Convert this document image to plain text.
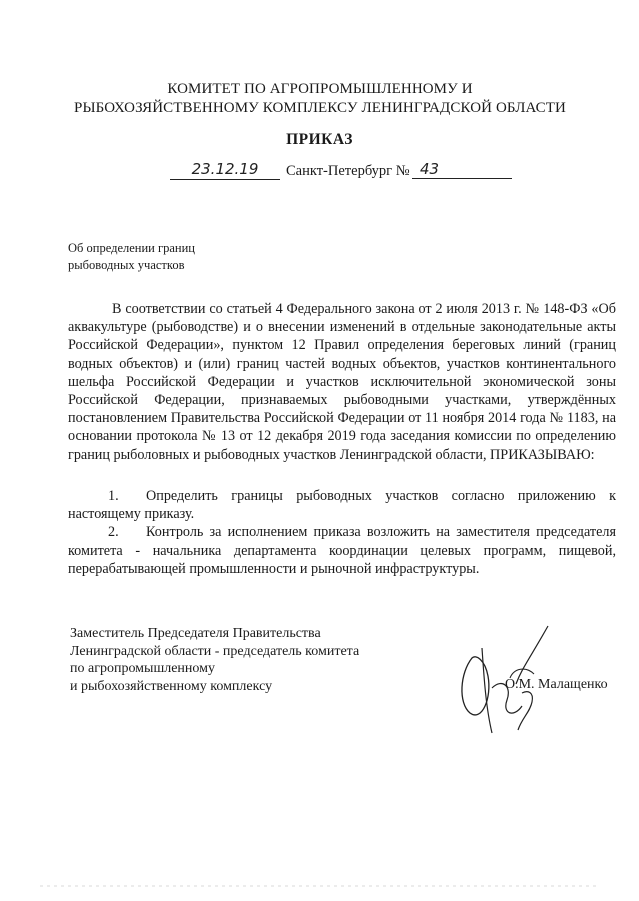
КОМИТЕТ ПО АГРОПРОМЫШЛЕННОМУ И
РЫБОХОЗЯЙСТВЕННОМУ КОМПЛЕКСУ ЛЕНИНГРАДСКОЙ ОБЛАСТИ
ПРИКАЗ
23.12.19	Санкт-Петербург № 43
Об определении границ
рыбоводных участков

В соответствии со статьей 4 Федерального закона от 2 июля 2013 г. № 148-ФЗ «Об аквакультуре (рыбоводстве) и о внесении изменений в отдельные законодательные акты Российской Федерации», пунктом 12 Правил определения береговых линий (границ водных объектов) и (или) границ частей водных объектов, участков континентального шельфа Российской Федерации и участков исключительной экономической зоны Российской Федерации, признаваемых рыбоводными участками, утверждённых постановлением Правительства Российской Федерации от 11 ноября 2014 года № 1183, на основании протокола № 13 от 12 декабря 2019 года заседания комиссии по определению границ рыболовных и рыбоводных участков Ленинградской области, ПРИКАЗЫВАЮ:

1. Определить границы рыбоводных участков согласно приложению к настоящему приказу.

2. Контроль за исполнением приказа возложить на заместителя председателя комитета - начальника департамента координации целевых программ, пищевой, перерабатывающей промышленности и рыночной инфраструктуры.

Заместитель Председателя Правительства
Ленинградской области - председатель комитета
по агропромышленному
и рыбохозяйственному комплексу	О.М. Малащенко
